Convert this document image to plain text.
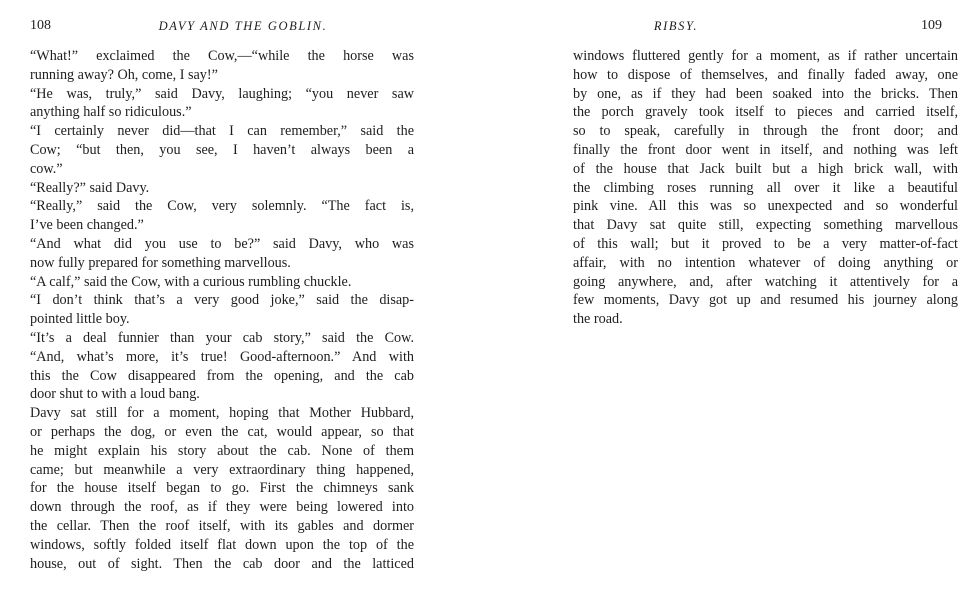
108	DAVY AND THE GOBLIN.
“What!” exclaimed the Cow,—“while the horse was
running away? Oh, come, I say!”
“He was, truly,” said Davy, laughing; “you never saw
anything half so ridiculous.”
“I certainly never did—that I can remember,” said the
Cow; “but then, you see, I haven’t always been a
cow.”
“Really?” said Davy.
“Really,” said the Cow, very solemnly. “The fact is,
I’ve been changed.”
“And what did you use to be?” said Davy, who was
now fully prepared for something marvellous.
“A calf,” said the Cow, with a curious rumbling chuckle.
“I don’t think that’s a very good joke,” said the disap-
pointed little boy.
“It’s a deal funnier than your cab story,” said the Cow.
“And, what’s more, it’s true! Good-afternoon.” And with
this the Cow disappeared from the opening, and the cab
door shut to with a loud bang.
Davy sat still for a moment, hoping that Mother Hubbard,
or perhaps the dog, or even the cat, would appear, so that
he might explain his story about the cab. None of them
came; but meanwhile a very extraordinary thing happened,
for the house itself began to go. First the chimneys sank
down through the roof, as if they were being lowered into
the cellar. Then the roof itself, with its gables and dormer
windows, softly folded itself flat down upon the top of the
house, out of sight. Then the cab door and the latticed
RIBSY.	109
windows fluttered gently for a moment, as if rather uncertain
how to dispose of themselves, and finally faded away, one
by one, as if they had been soaked into the bricks. Then
the porch gravely took itself to pieces and carried itself,
so to speak, carefully in through the front door; and
finally the front door went in itself, and nothing was left
of the house that Jack built but a high brick wall, with
the climbing roses running all over it like a beautiful
pink vine. All this was so unexpected and so wonderful
that Davy sat quite still, expecting something marvellous
of this wall; but it proved to be a very matter-of-fact
affair, with no intention whatever of doing anything or
going anywhere, and, after watching it attentively for a
few moments, Davy got up and resumed his journey along
the road.
